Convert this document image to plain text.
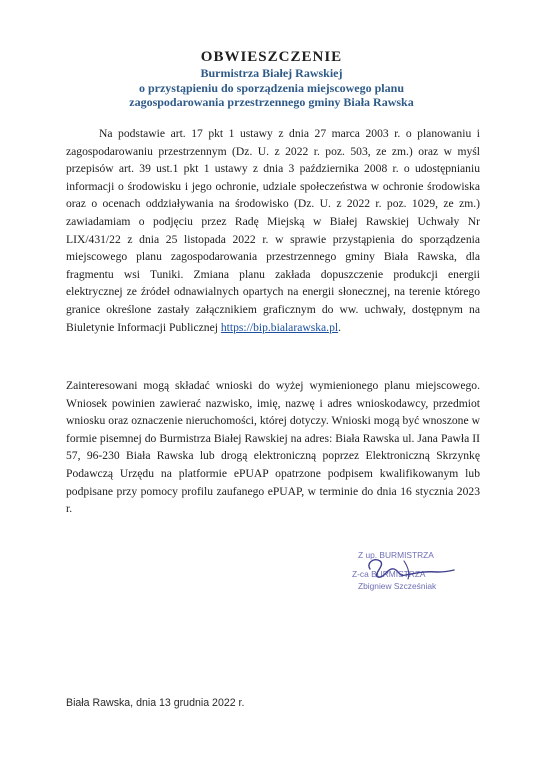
OBWIESZCZENIE
Burmistrza Białej Rawskiej
o przystąpieniu do sporządzenia miejscowego planu
zagospodarowania przestrzennego gminy Biała Rawska
Na podstawie art. 17 pkt 1 ustawy z dnia 27 marca 2003 r. o planowaniu i zagospodarowaniu przestrzennym (Dz. U. z 2022 r. poz. 503, ze zm.) oraz w myśl przepisów art. 39 ust.1 pkt 1 ustawy z dnia 3 października 2008 r. o udostępnianiu informacji o środowisku i jego ochronie, udziale społeczeństwa w ochronie środowiska oraz o ocenach oddziaływania na środowisko (Dz. U. z 2022 r. poz. 1029, ze zm.) zawiadamiam o podjęciu przez Radę Miejską w Białej Rawskiej Uchwały Nr LIX/431/22 z dnia 25 listopada 2022 r. w sprawie przystąpienia do sporządzenia miejscowego planu zagospodarowania przestrzennego gminy Biała Rawska, dla fragmentu wsi Tuniki. Zmiana planu zakłada dopuszczenie produkcji energii elektrycznej ze źródeł odnawialnych opartych na energii słonecznej, na terenie którego granice określone zastały załącznikiem graficznym do ww. uchwały, dostępnym na Biuletynie Informacji Publicznej https://bip.bialarawska.pl.
Zainteresowani mogą składać wnioski do wyżej wymienionego planu miejscowego. Wniosek powinien zawierać nazwisko, imię, nazwę i adres wnioskodawcy, przedmiot wniosku oraz oznaczenie nieruchomości, której dotyczy. Wnioski mogą być wnoszone w formie pisemnej do Burmistrza Białej Rawskiej na adres: Biała Rawska ul. Jana Pawła II 57, 96-230 Biała Rawska lub drogą elektroniczną poprzez Elektroniczną Skrzynkę Podawczą Urzędu na platformie ePUAP opatrzone podpisem kwalifikowanym lub podpisane przy pomocy profilu zaufanego ePUAP, w terminie do dnia 16 stycznia 2023 r.
Z up. BURMISTRZA
Z-ca BURMISTRZA
Zbigniew Szcześniak
Biała Rawska, dnia 13 grudnia 2022 r.
